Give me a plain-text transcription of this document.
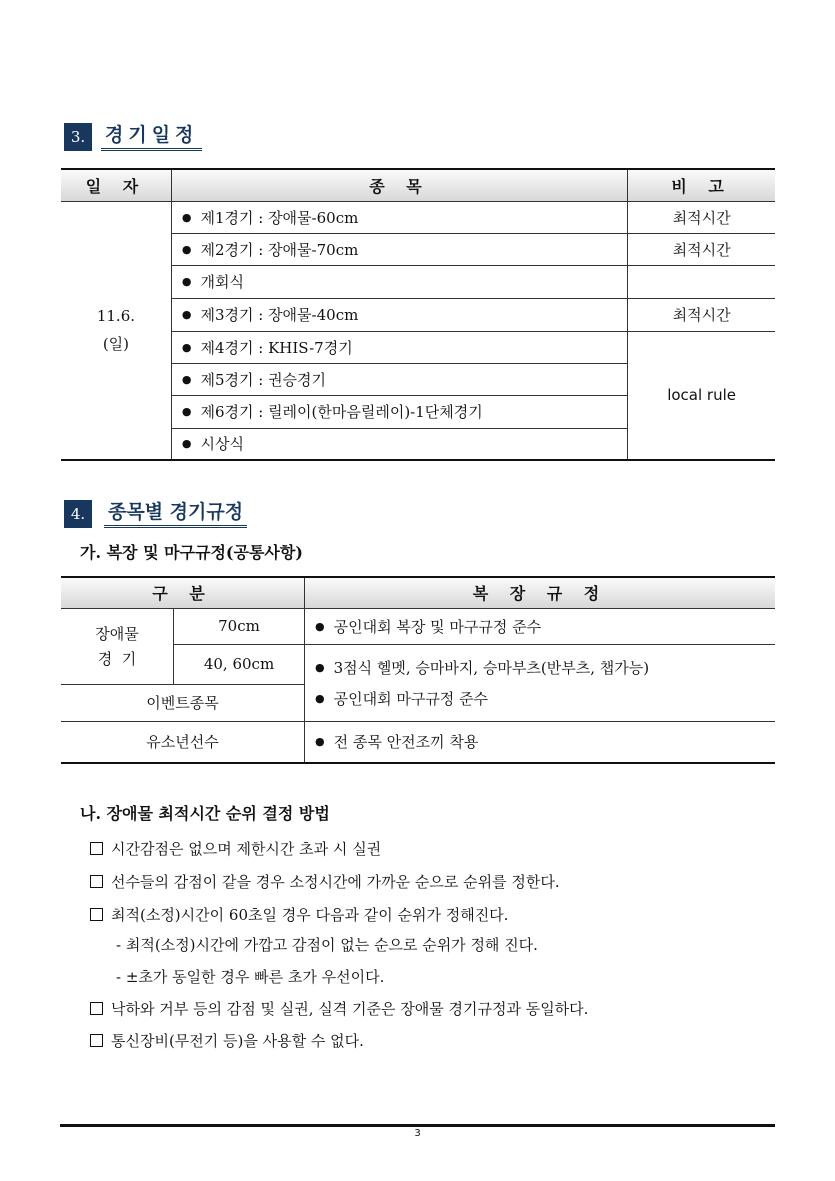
3.	경기일정
일 자	종 목	비 고

11.6.
(일)	● 제1경기 : 장애물-60cm	최적시간
	● 제2경기 : 장애물-70cm	최적시간
	● 개회식	
	● 제3경기 : 장애물-40cm	최적시간
	● 제4경기 : KHIS-7경기	local rule
	● 제5경기 : 권승경기
	● 제6경기 : 릴레이(한마음릴레이)-1단체경기
	● 시상식
4.	종목별 경기규정
가. 복장 및 마구규정(공통사항)
구 분		복 장 규 정

장애물
경  기	70cm	● 공인대회 복장 및 마구규정 준수
	40, 60cm	● 3점식 헬멧, 승마바지, 승마부츠(반부츠, 챕가능)
● 공인대회 마구규정 준수

이벤트종목		
유소년선수		● 전 종목 안전조끼 착용
나. 장애물 최적시간 순위 결정 방법
시간감점은 없으며 제한시간 초과 시 실권
선수들의 감점이 같을 경우 소정시간에 가까운 순으로 순위를 정한다.
최적(소정)시간이 60초일 경우 다음과 같이 순위가 정해진다.
- 최적(소정)시간에 가깝고 감점이 없는 순으로 순위가 정해 진다.
- ±초가 동일한 경우 빠른 초가 우선이다.
낙하와 거부 등의 감점 및 실권, 실격 기준은 장애물 경기규정과 동일하다.
통신장비(무전기 등)을 사용할 수 없다.
3
